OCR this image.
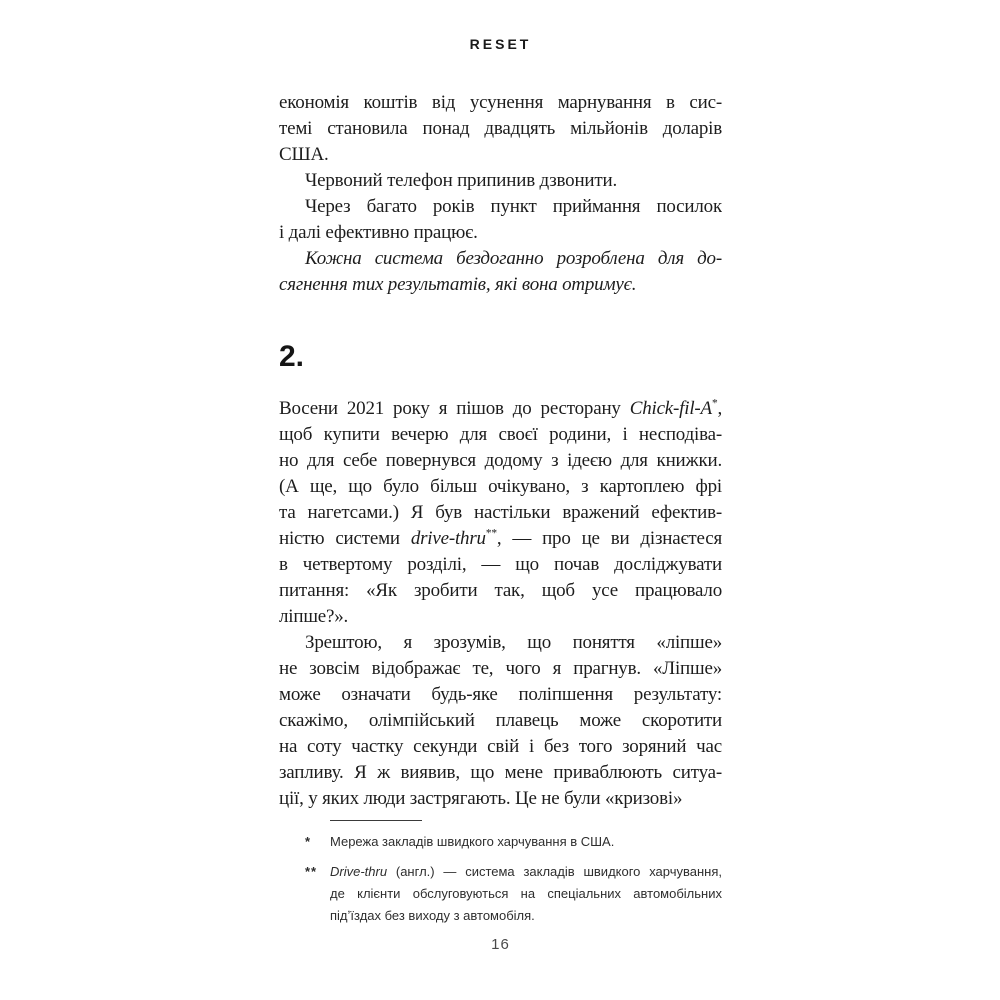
RESET
економія коштів від усунення марнування в сис-
темі становила понад двадцять мільйонів доларів
США.
Червоний телефон припинив дзвонити.
Через багато років пункт приймання посилок
і далі ефективно працює.
Кожна система бездоганно розроблена для до-
сягнення тих результатів, які вона отримує.
2.
Восени 2021 року я пішов до ресторану Chick-fil-A*,
щоб купити вечерю для своєї родини, і несподіва-
но для себе повернувся додому з ідеєю для книжки.
(А ще, що було більш очікувано, з картоплею фрі
та нагетсами.) Я був настільки вражений ефектив-
ністю системи drive-thru**, — про це ви дізнаєтеся
в четвертому розділі, — що почав досліджувати
питання: «Як зробити так, щоб усе працювало
ліпше?».
Зрештою, я зрозумів, що поняття «ліпше»
не зовсім відображає те, чого я прагнув. «Ліпше»
може означати будь-яке поліпшення результату:
скажімо, олімпійський плавець може скоротити
на соту частку секунди свій і без того зоряний час
запливу. Я ж виявив, що мене приваблюють ситуа-
ції, у яких люди застрягають. Це не були «кризові»
* Мережа закладів швидкого харчування в США.
** Drive-thru (англ.) — система закладів швидкого харчування,
де клієнти обслуговуються на спеціальних автомобільних
підʼїздах без виходу з автомобіля.
16
